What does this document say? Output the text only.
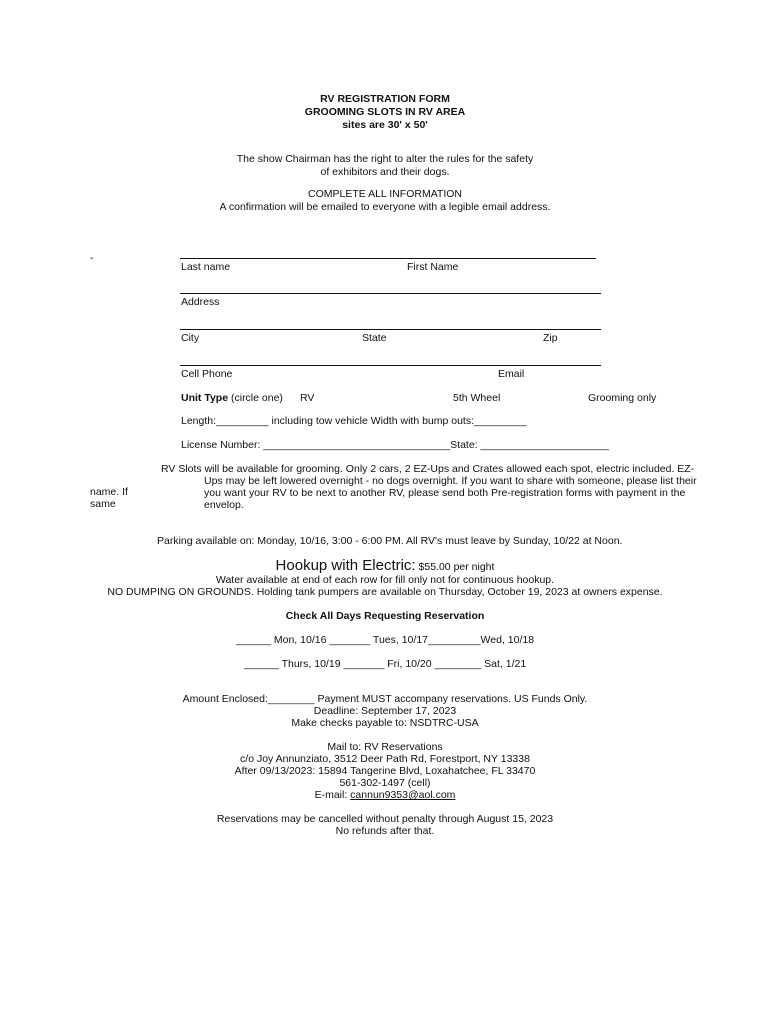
RV REGISTRATION FORM
GROOMING SLOTS IN RV AREA
sites are 30' x 50'
The show Chairman has the right to alter the rules for the safety
of exhibitors and their dogs.
COMPLETE ALL INFORMATION
A confirmation will be emailed to everyone with a legible email address.
-
name. If
same
Last name	First Name
Address
City	State	Zip
Cell Phone	Email
Unit Type (circle one) RV	5th Wheel	Grooming only
Length:_________ including tow vehicle Width with bump outs:_________
License Number: ________________________________State: ______________________
RV Slots will be available for grooming. Only 2 cars, 2 EZ-Ups and Crates allowed each spot, electric included. EZ-
Ups may be left lowered overnight - no dogs overnight. If you want to share with someone, please list their
you want your RV to be next to another RV, please send both Pre-registration forms with payment in the
envelop.
Parking available on: Monday, 10/16, 3:00 - 6:00 PM. All RV's must leave by Sunday, 10/22 at Noon.
Hookup with Electric: $55.00 per night
Water available at end of each row for fill only not for continuous hookup.
NO DUMPING ON GROUNDS. Holding tank pumpers are available on Thursday, October 19, 2023 at owners expense.
Check All Days Requesting Reservation
______ Mon, 10/16 _______ Tues, 10/17_________Wed, 10/18
______ Thurs, 10/19 _______ Fri, 10/20 ________ Sat, 1/21
Amount Enclosed:________ Payment MUST accompany reservations. US Funds Only.
Deadline: September 17, 2023
Make checks payable to: NSDTRC-USA
Mail to: RV Reservations
c/o Joy Annunziato, 3512 Deer Path Rd, Forestport, NY 13338
After 09/13/2023: 15894 Tangerine Blvd, Loxahatchee, FL 33470
561-302-1497 (cell)
E-mail: cannun9353@aol.com
Reservations may be cancelled without penalty through August 15, 2023
No refunds after that.
